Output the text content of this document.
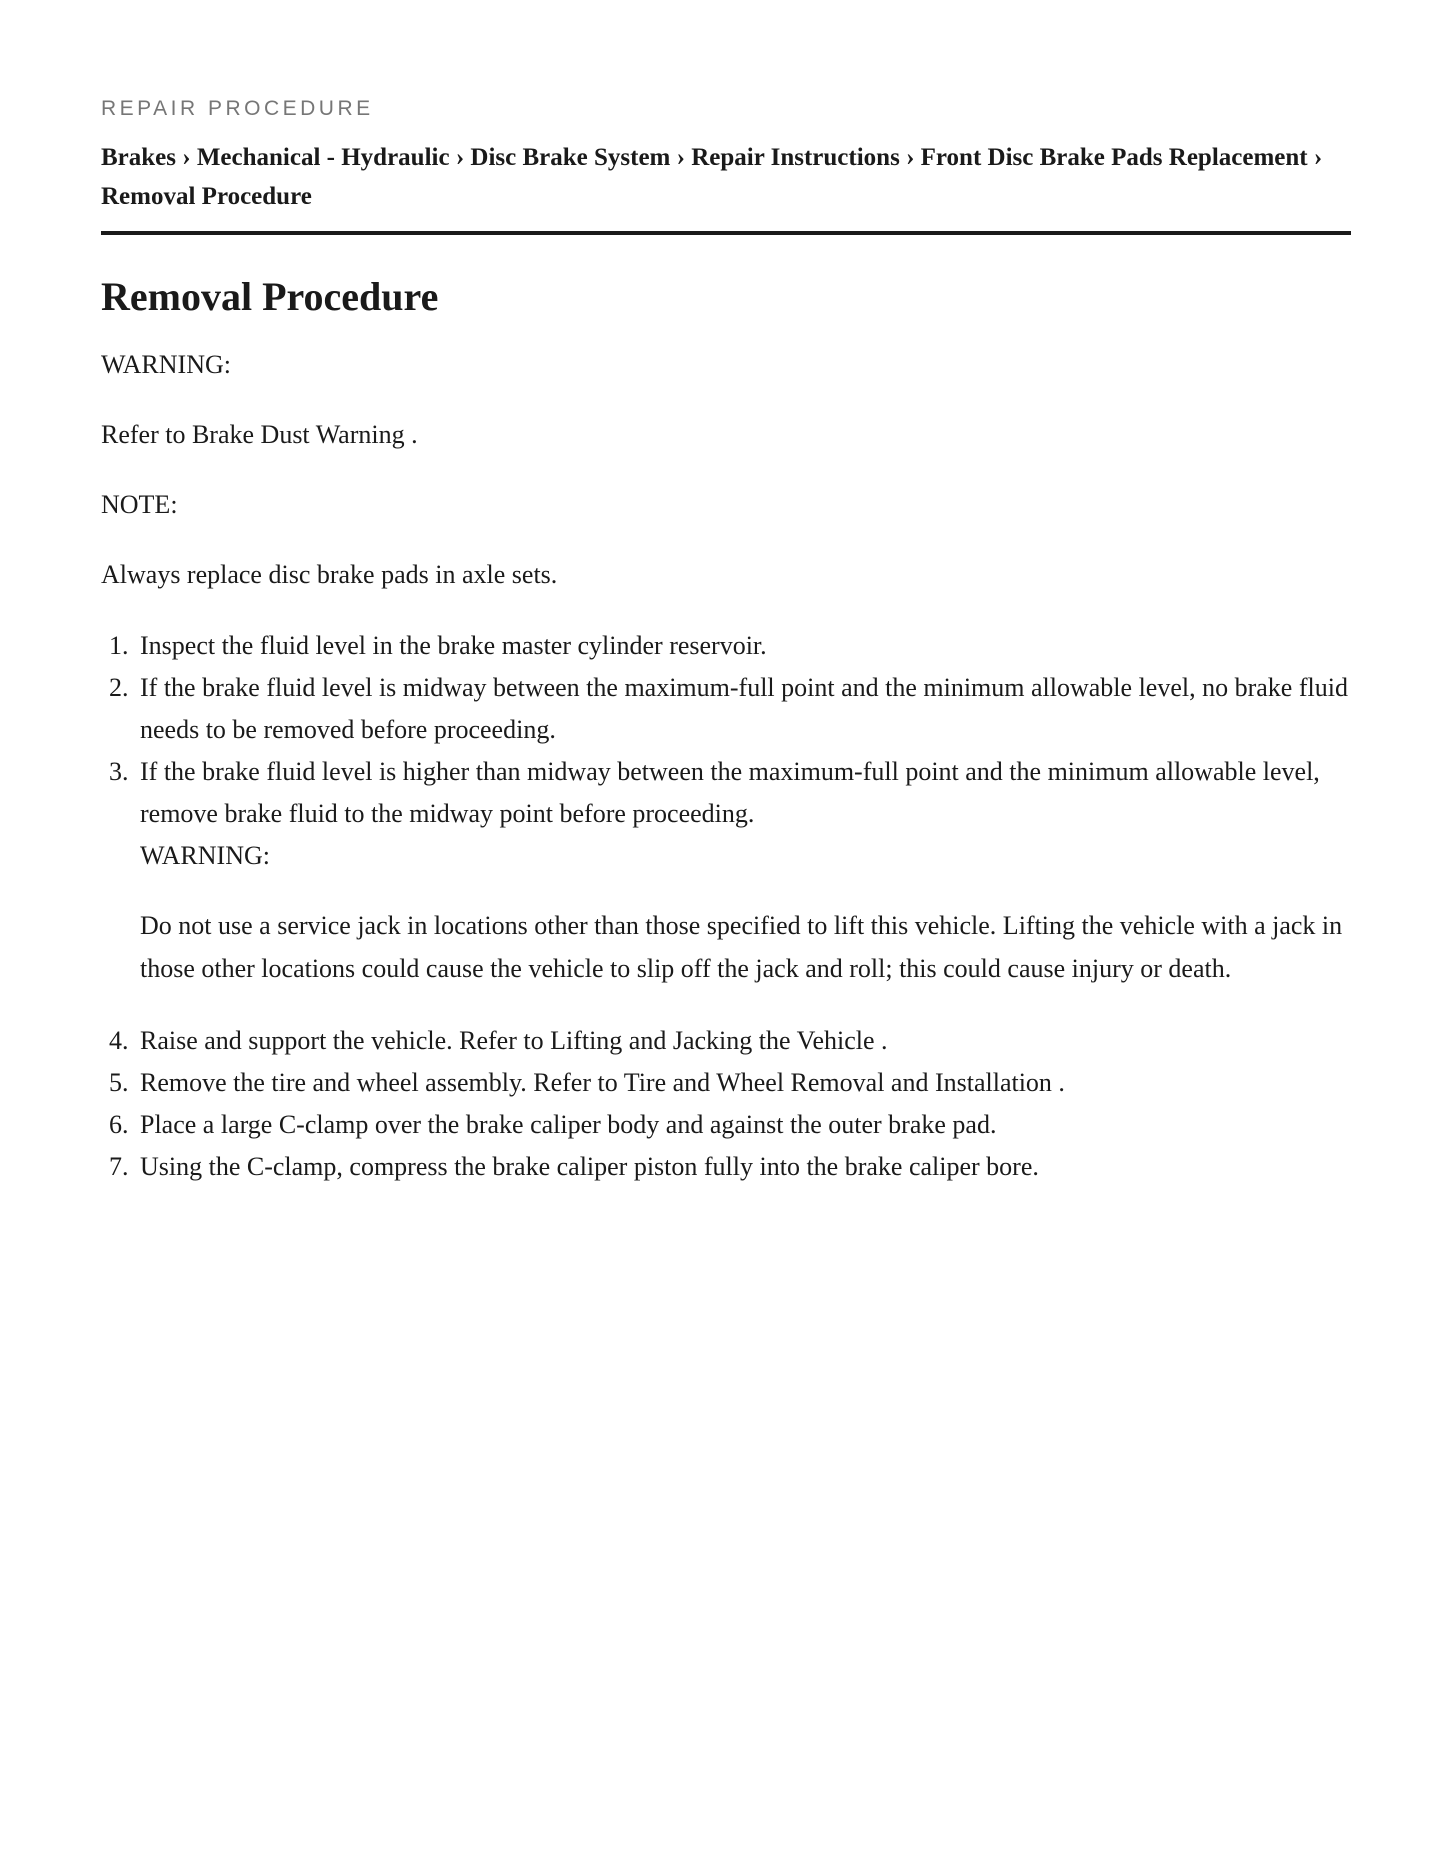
REPAIR PROCEDURE
Brakes › Mechanical - Hydraulic › Disc Brake System › Repair Instructions › Front Disc Brake Pads Replacement › Removal Procedure
Removal Procedure

WARNING:

Refer to Brake Dust Warning .

NOTE:

Always replace disc brake pads in axle sets.

1. Inspect the fluid level in the brake master cylinder reservoir.
2. If the brake fluid level is midway between the maximum-full point and the minimum allowable level, no brake fluid needs to be removed before proceeding.
3. If the brake fluid level is higher than midway between the maximum-full point and the minimum allowable level, remove brake fluid to the midway point before proceeding.
WARNING:
Do not use a service jack in locations other than those specified to lift this vehicle. Lifting the vehicle with a jack in those other locations could cause the vehicle to slip off the jack and roll; this could cause injury or death.
4. Raise and support the vehicle. Refer to Lifting and Jacking the Vehicle .
5. Remove the tire and wheel assembly. Refer to Tire and Wheel Removal and Installation .
6. Place a large C-clamp over the brake caliper body and against the outer brake pad.
7. Using the C-clamp, compress the brake caliper piston fully into the brake caliper bore.
